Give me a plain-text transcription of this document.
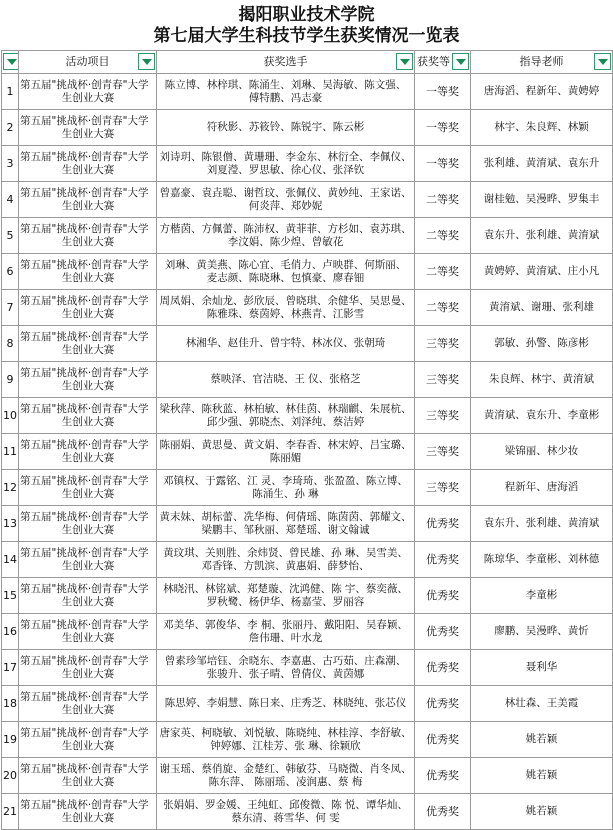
揭阳职业技术学院
第七届大学生科技节学生获奖情况一览表

	活动项目	获奖选手	获奖等	指导老师

1	第五届"挑战杯·创青春"大学
生创业大赛	陈立博、林梓琪、陈涌生、刘琳、吴海敏、陈文强、
傅特鹏、冯志豪	一等奖	唐海滔、程新年、黄娉婷
2	第五届"挑战杯·创青春"大学
生创业大赛	符秋影、苏筱铃、陈锐宇、陈云彬	一等奖	林宇、朱良辉、林颖
3	第五届"挑战杯·创青春"大学
生创业大赛	刘诗玥、陈银僧、黄珊珊、李金东、林衍全、李佩仪、
刘夏瀅、罗思敏、徐心仪、张泽钦	一等奖	张利雄、黄淯斌、袁东升
4	第五届"挑战杯·创青春"大学
生创业大赛	曾嘉豪、袁垚聪、谢哲玟、张佩仪、黄妙纯、王家诺、
何炎萍、郑妙妮	二等奖	谢桂勉、吴漫晔、罗集丰
5	第五届"挑战杯·创青春"大学
生创业大赛	方楷茵、方佩蕾、陈沛权、黄菲菲、方杉如、袁苏琪、
李汶娟、陈少煌、曾敏花	二等奖	袁东升、张利雄、黄淯斌
6	第五届"挑战杯·创青春"大学
生创业大赛	刘琳、黄美燕、陈心宜、毛俏力、卢映群、何斯丽、
麦志颜、陈晓琳、包慎豪、廖春钿	二等奖	黄娉婷、黄淯斌、庄小凡
7	第五届"挑战杯·创青春"大学
生创业大赛	周凤娟、余灿龙、彭欣辰、曾晓琪、余健华、吴思曼、
陈雅珠、蔡茵婷、林燕青、江影雪	二等奖	黄淯斌、谢珊、张利雄
8	第五届"挑战杯·创青春"大学
生创业大赛	林湘华、赵佳升、曾宇特、林冰仪、张朝琦	三等奖	郭敏、孙警、陈彦彬
9	第五届"挑战杯·创青春"大学
生创业大赛	蔡映泽、官洁晓、王 仪、张格芝	三等奖	朱良辉、林宇、黄淯斌
10	第五届"挑战杯·创青春"大学
生创业大赛	梁秋萍、陈秋蓝、林柏敏、林佳茵、林瑞麒、朱展杭、
邱少强、郭晓杰、刘泽纯、蔡洁婷	三等奖	黄淯斌、袁东升、李童彬
11	第五届"挑战杯·创青春"大学
生创业大赛	陈丽娟、黄思曼、黄文娟、李春香、林宋婷、吕宝璐、
陈丽媚	三等奖	梁锦丽、林少妆
12	第五届"挑战杯·创青春"大学
生创业大赛	邓镇权、于露铭、江 灵、李琦琦、张盈盈、陈立博、
陈涌生、孙 琳	三等奖	程新年、唐海滔
13	第五届"挑战杯·创青春"大学
生创业大赛	黄末妹、胡标蕾、冼华梅、何倩瑶、陈茵茵、郭耀文、
梁鹏丰、邹秋丽、郑楚瑶、谢文翰诚	优秀奖	袁东升、张利雄、黄淯斌
14	第五届"挑战杯·创青春"大学
生创业大赛	黄玟琪、关则胜、余炜贤、曾民雄、孙 琳、吴雪美、
邓香锋、方凯滨、黄惠娟、薛梦怡、	优秀奖	陈琼华、李童彬、刘林德
15	第五届"挑战杯·创青春"大学
生创业大赛	林晓汛、林铭斌、郑楚璇、沈鸿健、陈 宇、蔡奕薇、
罗秋鹭、杨伊华、杨嘉莹、罗丽容	优秀奖	李童彬
16	第五届"挑战杯·创青春"大学
生创业大赛	邓美华、郭俊华、李 桐、张丽丹、戴阳阳、吴春颖、
詹伟珊、叶水龙	优秀奖	廖鹏、吴漫晔、黄忻
17	第五届"挑战杯·创青春"大学
生创业大赛	曾素珍邹培钰、余晓东、李嘉惠、古巧茹、庄森潮、
张骏升、张子晴、曾倩仪、黄茵娜	优秀奖	聂利华
18	第五届"挑战杯·创青春"大学
生创业大赛	陈思婷、李娟慧、陈日来、庄秀芝、林晓纯、张芯仪	优秀奖	林壮森、王美霞
19	第五届"挑战杯·创青春"大学
生创业大赛	唐家英、柯晓敏、刘悦敏、陈晓纯、林桂淳、李舒敏、
钟婷娜、江桂芳、张 琳、徐颖欣	优秀奖	姚若颖
20	第五届"挑战杯·创青春"大学
生创业大赛	谢玉瑶、蔡俏旋、金楚红、韩敏芬、马晓微、肖冬凤、
陈东萍、 陈丽瑶、凌润惠、蔡 梅	优秀奖	姚若颖
21	第五届"挑战杯·创青春"大学
生创业大赛	张娟娟、罗金媛、王纯虹、邱俊微、陈 悦、谭华灿、
蔡东清、蒋雪华、何 雯	优秀奖	姚若颖
